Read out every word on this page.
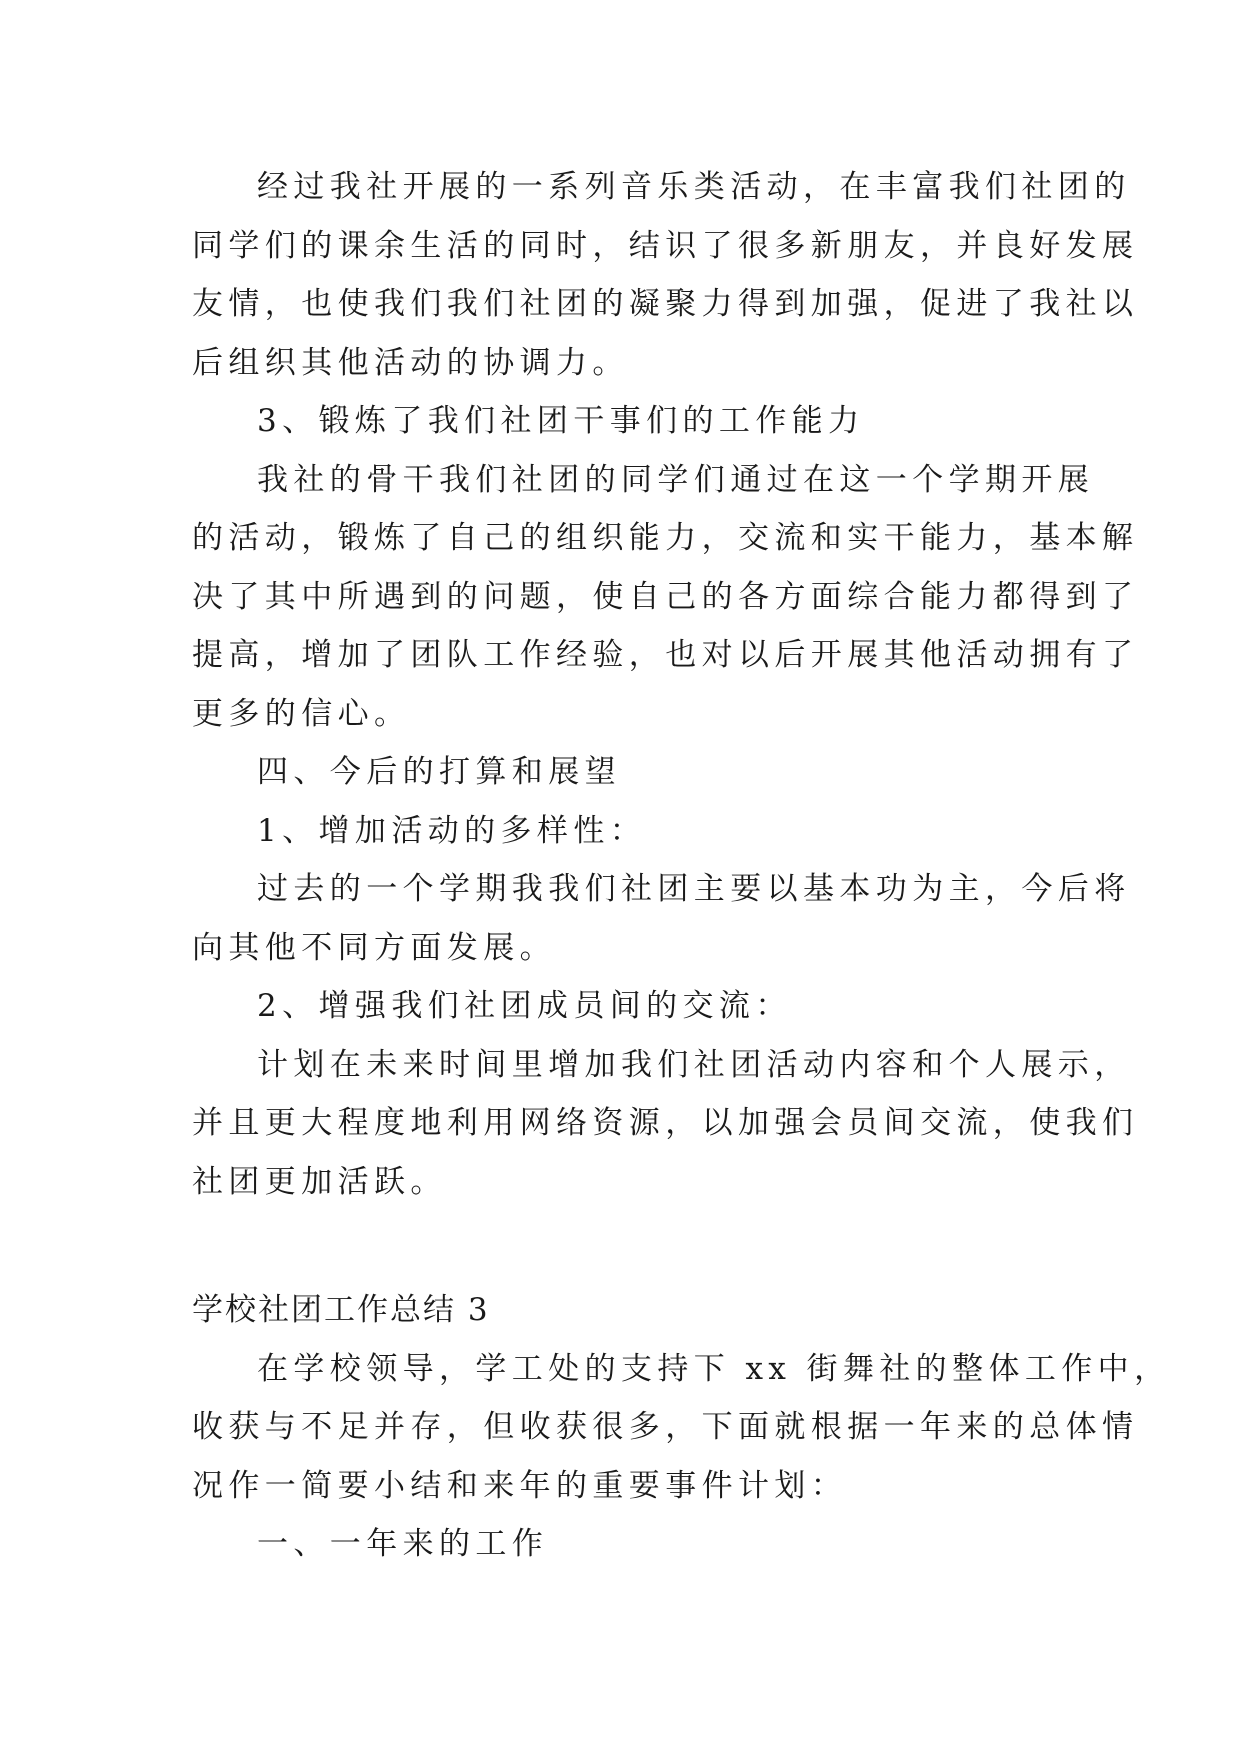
经过我社开展的一系列音乐类活动，在丰富我们社团的
同学们的课余生活的同时，结识了很多新朋友，并良好发展
友情，也使我们我们社团的凝聚力得到加强，促进了我社以
后组织其他活动的协调力。
3、锻炼了我们社团干事们的工作能力
我社的骨干我们社团的同学们通过在这一个学期开展
的活动，锻炼了自己的组织能力，交流和实干能力，基本解
决了其中所遇到的问题，使自己的各方面综合能力都得到了
提高，增加了团队工作经验，也对以后开展其他活动拥有了
更多的信心。
四、今后的打算和展望
1、增加活动的多样性：
过去的一个学期我我们社团主要以基本功为主，今后将
向其他不同方面发展。
2、增强我们社团成员间的交流：
计划在未来时间里增加我们社团活动内容和个人展示，
并且更大程度地利用网络资源，以加强会员间交流，使我们
社团更加活跃。
学校社团工作总结 3
在学校领导，学工处的支持下 xx 街舞社的整体工作中，
收获与不足并存，但收获很多，下面就根据一年来的总体情
况作一简要小结和来年的重要事件计划：
一、一年来的工作
